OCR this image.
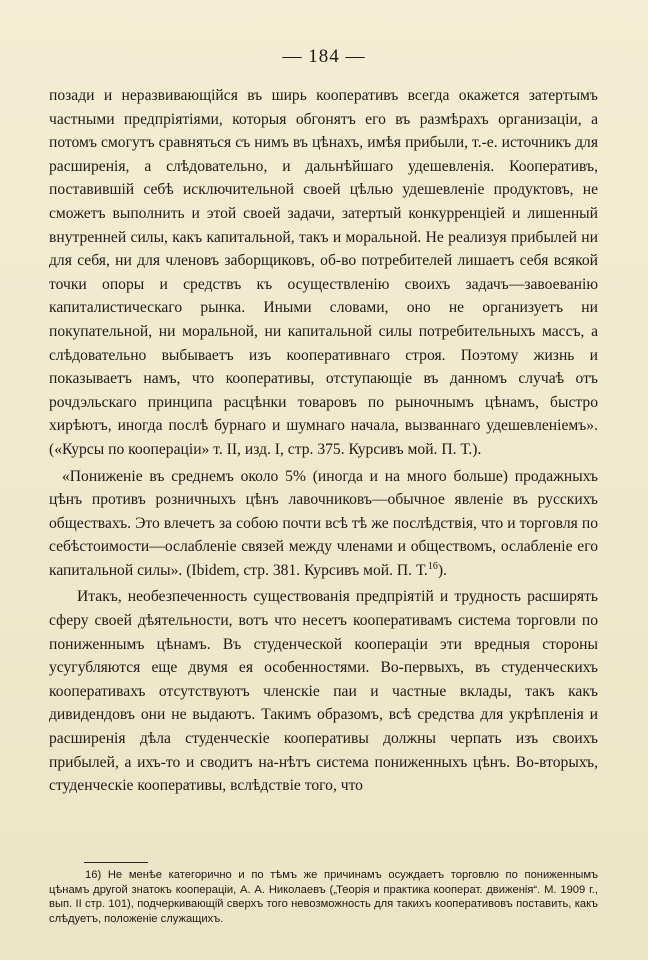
— 184 —

позади и неразвивающійся въ ширь кооперативъ всегда окажется затертымъ частными предпріятіями, которыя обгонятъ его въ размѣрахъ организаціи, а потомъ смогутъ сравняться съ нимъ въ цѣнахъ, имѣя прибыли, т.-е. источникъ для расширенія, а слѣдовательно, и дальнѣйшаго удешевленія. Кооперативъ, поставившій себѣ исключительной своей цѣлью удешевленіе продуктовъ, не сможетъ выполнить и этой своей задачи, затертый конкурренціей и лишенный внутренней силы, какъ капитальной, такъ и моральной. Не реализуя прибылей ни для себя, ни для членовъ заборщиковъ, об-во потребителей лишаетъ себя всякой точки опоры и средствъ къ осуществленію своихъ задачъ—завоеванію капиталистическаго рынка. Иными словами, оно не организуетъ ни покупательной, ни моральной, ни капитальной силы потребительныхъ массъ, а слѣдовательно выбываетъ изъ кооперативнаго строя. Поэтому жизнь и показываетъ намъ, что кооперативы, отступающіе въ данномъ случаѣ отъ рочдэльскаго принципа расцѣнки товаровъ по рыночнымъ цѣнамъ, быстро хирѣютъ, иногда послѣ бурнаго и шумнаго начала, вызваннаго удешевленіемъ». («Курсы по коопераціи» т. II, изд. I, стр. 375. Курсивъ мой. П. Т.).

«Пониженіе въ среднемъ около 5% (иногда и на много больше) продажныхъ цѣнъ противъ розничныхъ цѣнъ лавочниковъ—обычное явленіе въ русскихъ обществахъ. Это влечетъ за собою почти всѣ тѣ же послѣдствія, что и торговля по себѣстоимости—ослабленіе связей между членами и обществомъ, ослабленіе его капитальной силы». (Ibidem, стр. 381. Курсивъ мой. П. Т.$^{16}$).

Итакъ, необезпеченность существованія предпріятій и трудность расширять сферу своей дѣятельности, вотъ что несетъ кооперативамъ система торговли по пониженнымъ цѣнамъ. Въ студенческой коопераціи эти вредныя стороны усугубляются еще двумя ея особенностями. Во-первыхъ, въ студенческихъ кооперативахъ отсутствуютъ членскіе паи и частные вклады, такъ какъ дивидендовъ они не выдаютъ. Такимъ образомъ, всѣ средства для укрѣпленія и расширенія дѣла студенческіе кооперативы должны черпать изъ своихъ прибылей, а ихъ-то и сводитъ на-нѣтъ система пониженныхъ цѣнъ. Во-вторыхъ, студенческіе кооперативы, вслѣдствіе того, что

16) Не менѣе категорично и по тѣмъ же причинамъ осуждаетъ торговлю по пониженнымъ цѣнамъ другой знатокъ коопераціи, А. А. Николаевъ („Теорія и практика кооперат. движенія“. М. 1909 г., вып. II стр. 101), подчеркивающій сверхъ того невозможность для такихъ кооперативовъ поставить, какъ слѣдуетъ, положеніе служащихъ.
